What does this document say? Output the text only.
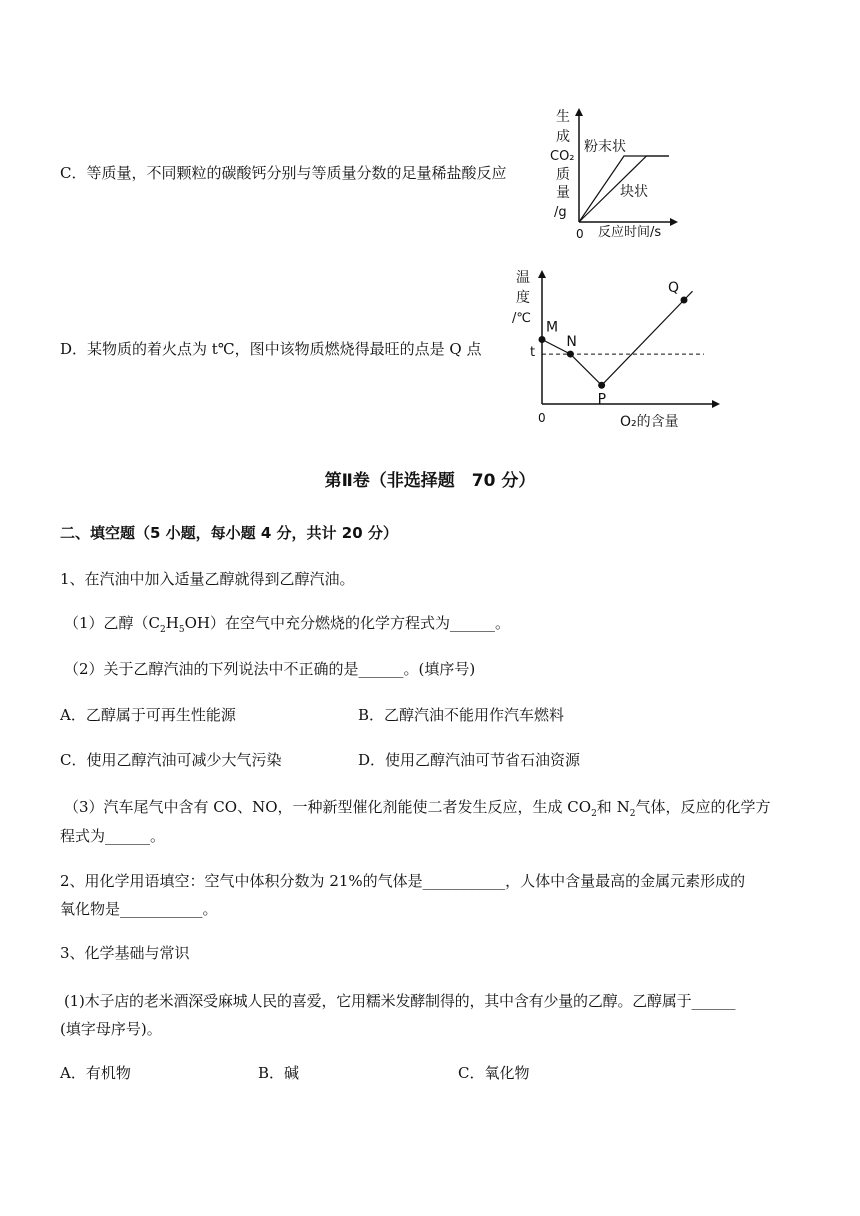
C．等质量，不同颗粒的碳酸钙分别与等质量分数的足量稀盐酸反应
生
成
CO₂
质
量
/g
粉末状
块状
0 反应时间/s
D．某物质的着火点为 t℃，图中该物质燃烧得最旺的点是 Q 点
温
度
/℃
t
M
N
P
Q
0	O₂的含量
第Ⅱ卷（非选择题　70 分）
二、填空题（5 小题，每小题 4 分，共计 20 分）
1、在汽油中加入适量乙醇就得到乙醇汽油。
（1）乙醇$(C_2H_5OH)$在空气中充分燃烧的化学方程式为______。
（2）关于乙醇汽油的下列说法中不正确的是______。(填序号)
A．乙醇属于可再生性能源	B．乙醇汽油不能用作汽车燃料
C．使用乙醇汽油可减少大气污染	D．使用乙醇汽油可节省石油资源
（3）汽车尾气中含有 CO、NO，一种新型催化剂能使二者发生反应，生成 $CO_2$和 $N_2$气体，反应的化学方
程式为______。
2、用化学用语填空：空气中体积分数为 21%的气体是___________，人体中含量最高的金属元素形成的
氧化物是___________。
3、化学基础与常识
(1)木子店的老米酒深受麻城人民的喜爱，它用糯米发酵制得的，其中含有少量的乙醇。乙醇属于______
(填字母序号)。
A．有机物	B．碱	C．氧化物
